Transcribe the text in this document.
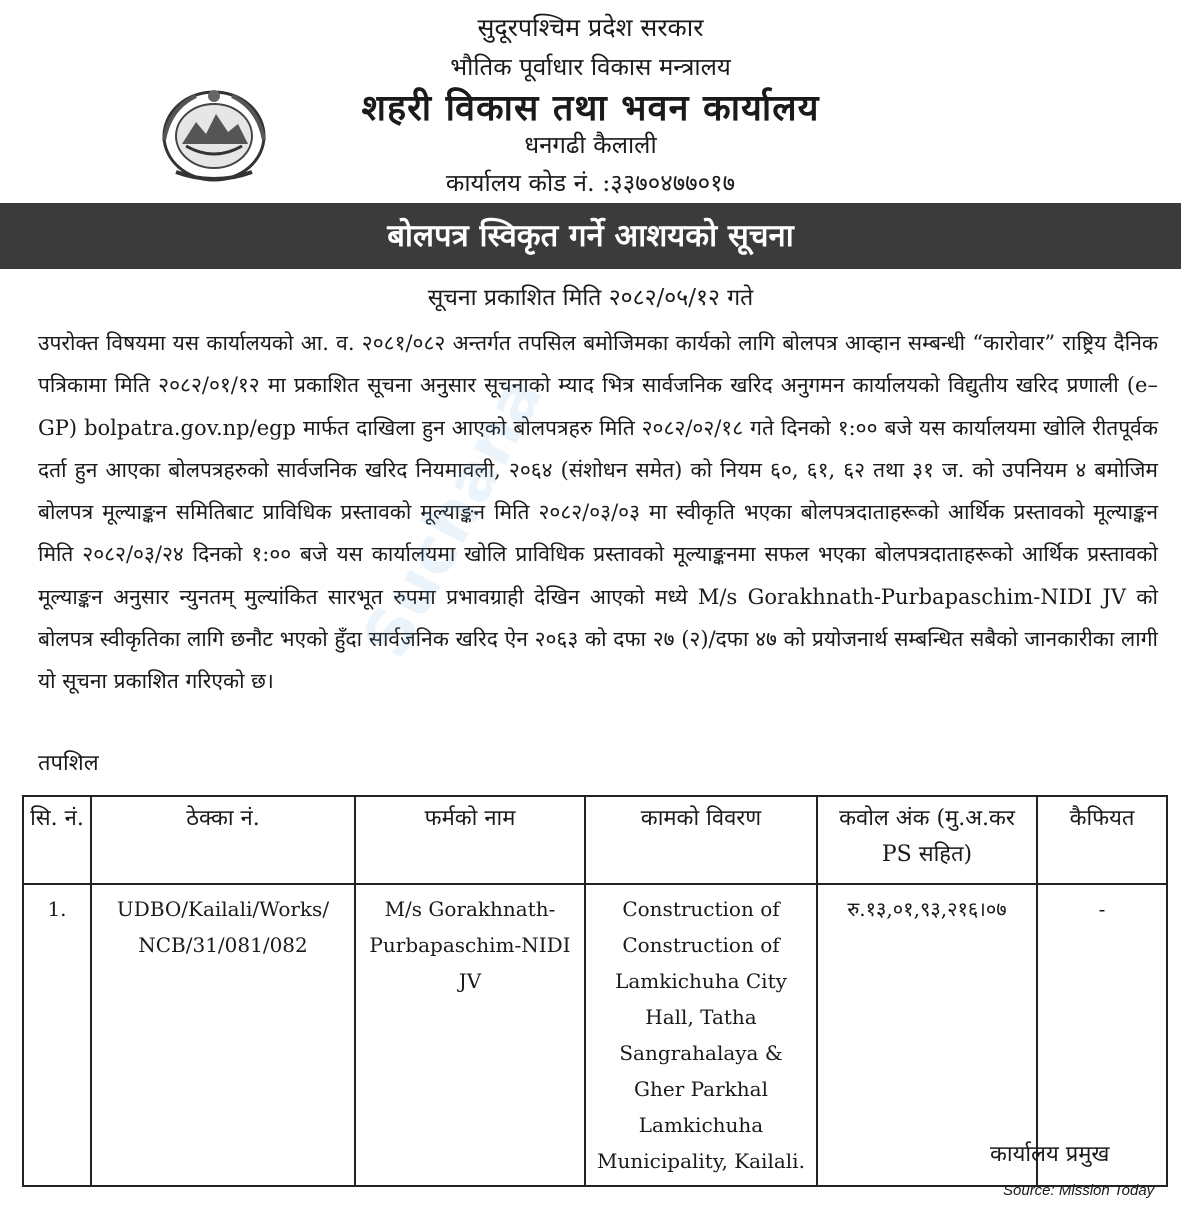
सुदूरपश्चिम प्रदेश सरकार
भौतिक पूर्वाधार विकास मन्त्रालय
शहरी विकास तथा भवन कार्यालय
धनगढी कैलाली
कार्यालय कोड नं. :३३७०४७७०१७
बोलपत्र स्विकृत गर्ने आशयको सूचना
सूचना प्रकाशित मिति २०८२/०५/१२ गते
उपरोक्त विषयमा यस कार्यालयको आ. व. २०८१/०८२ अन्तर्गत तपसिल बमोजिमका कार्यको लागि बोलपत्र आव्हान सम्बन्धी “कारोवार” राष्ट्रिय दैनिक पत्रिकामा मिति २०८२/०१/१२ मा प्रकाशित सूचना अनुसार सूचनाको म्याद भित्र सार्वजनिक खरिद अनुगमन कार्यालयको विद्युतीय खरिद प्रणाली (e–GP) bolpatra.gov.np/egp मार्फत दाखिला हुन आएको बोलपत्रहरु मिति २०८२/०२/१८ गते दिनको १:०० बजे यस कार्यालयमा खोलि रीतपूर्वक दर्ता हुन आएका बोलपत्रहरुको सार्वजनिक खरिद नियमावली, २०६४ (संशोधन समेत) को नियम ६०, ६१, ६२ तथा ३१ ज. को उपनियम ४ बमोजिम बोलपत्र मूल्याङ्कन समितिबाट प्राविधिक प्रस्तावको मूल्याङ्कन मिति २०८२/०३/०३ मा स्वीकृति भएका बोलपत्रदाताहरूको आर्थिक प्रस्तावको मूल्याङ्कन मिति २०८२/०३/२४ दिनको १:०० बजे यस कार्यालयमा खोलि प्राविधिक प्रस्तावको मूल्याङ्कनमा सफल भएका बोलपत्रदाताहरूको आर्थिक प्रस्तावको मूल्याङ्कन अनुसार न्युनतम् मुल्यांकित सारभूत रुपमा प्रभावग्राही देखिन आएको मध्ये M/s Gorakhnath-Purbapaschim-NIDI JV को बोलपत्र स्वीकृतिका लागि छनौट भएको हुँदा सार्वजनिक खरिद ऐन २०६३ को दफा २७ (२)/दफा ४७ को प्रयोजनार्थ सम्बन्धित सबैको जानकारीका लागी यो सूचना प्रकाशित गरिएको छ।
तपशिल
सि. नं.	ठेक्का नं.	फर्मको नाम	कामको विवरण	कवोल अंक (मु.अ.कर PS सहित)	कैफियत
1.	UDBO/Kailali/Works/ NCB/31/081/082	M/s Gorakhnath-Purbapaschim-NIDI JV	Construction of Construction of Lamkichuha City Hall, Tatha Sangrahalaya & Gher Parkhal Lamkichuha Municipality, Kailali.	रु.१३,०१,९३,२१६।०७	-
कार्यालय प्रमुख
Source: Mission Today
Suchana
